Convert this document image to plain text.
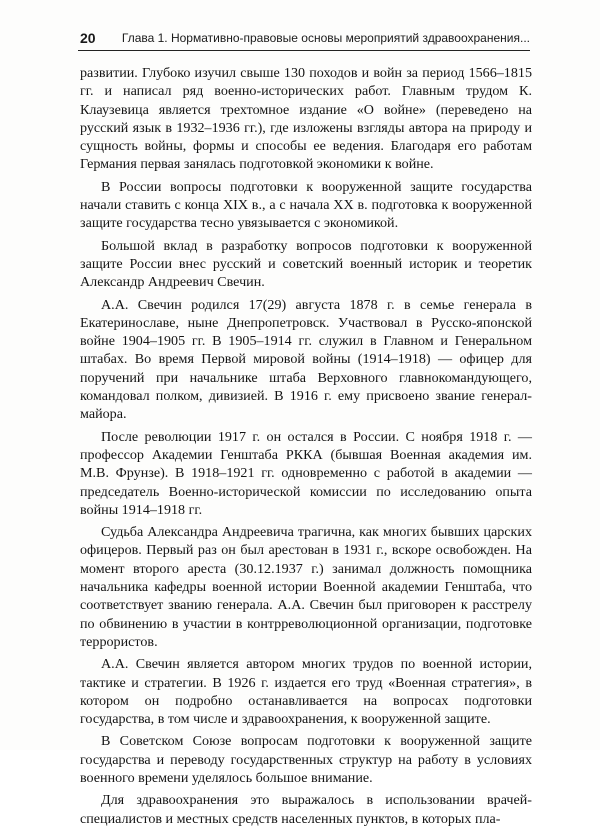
20 Глава 1. Нормативно-правовые основы мероприятий здравоохранения...

развитии. Глубоко изучил свыше 130 походов и войн за период 1566–1815 гг. и написал ряд военно-исторических работ. Главным трудом К. Клаузевица является трехтомное издание «О войне» (переведено на русский язык в 1932–1936 гг.), где изложены взгляды автора на природу и сущность войны, формы и способы ее ведения. Благодаря его работам Германия первая занялась подготовкой экономики к войне.

В России вопросы подготовки к вооруженной защите государства начали ставить с конца XIX в., а с начала XX в. подготовка к вооруженной защите государства тесно увязывается с экономикой.

Большой вклад в разработку вопросов подготовки к вооруженной защите России внес русский и советский военный историк и теоретик Александр Андреевич Свечин.

А.А. Свечин родился 17(29) августа 1878 г. в семье генерала в Екатеринославе, ныне Днепропетровск. Участвовал в Русско-японской войне 1904–1905 гг. В 1905–1914 гг. служил в Главном и Генеральном штабах. Во время Первой мировой войны (1914–1918) — офицер для поручений при начальнике штаба Верховного главнокомандующего, командовал полком, дивизией. В 1916 г. ему присвоено звание генерал-майора.

После революции 1917 г. он остался в России. С ноября 1918 г. — профессор Академии Генштаба РККА (бывшая Военная академия им. М.В. Фрунзе). В 1918–1921 гг. одновременно с работой в академии — председатель Военно-исторической комиссии по исследованию опыта войны 1914–1918 гг.

Судьба Александра Андреевича трагична, как многих бывших царских офицеров. Первый раз он был арестован в 1931 г., вскоре освобожден. На момент второго ареста (30.12.1937 г.) занимал должность помощника начальника кафедры военной истории Военной академии Генштаба, что соответствует званию генерала. А.А. Свечин был приговорен к расстрелу по обвинению в участии в контрреволюционной организации, подготовке террористов.

А.А. Свечин является автором многих трудов по военной истории, тактике и стратегии. В 1926 г. издается его труд «Военная стратегия», в котором он подробно останавливается на вопросах подготовки государства, в том числе и здравоохранения, к вооруженной защите.

В Советском Союзе вопросам подготовки к вооруженной защите государства и переводу государственных структур на работу в условиях военного времени уделялось большое внимание.

Для здравоохранения это выражалось в использовании врачей-специалистов и местных средств населенных пунктов, в которых пла-
